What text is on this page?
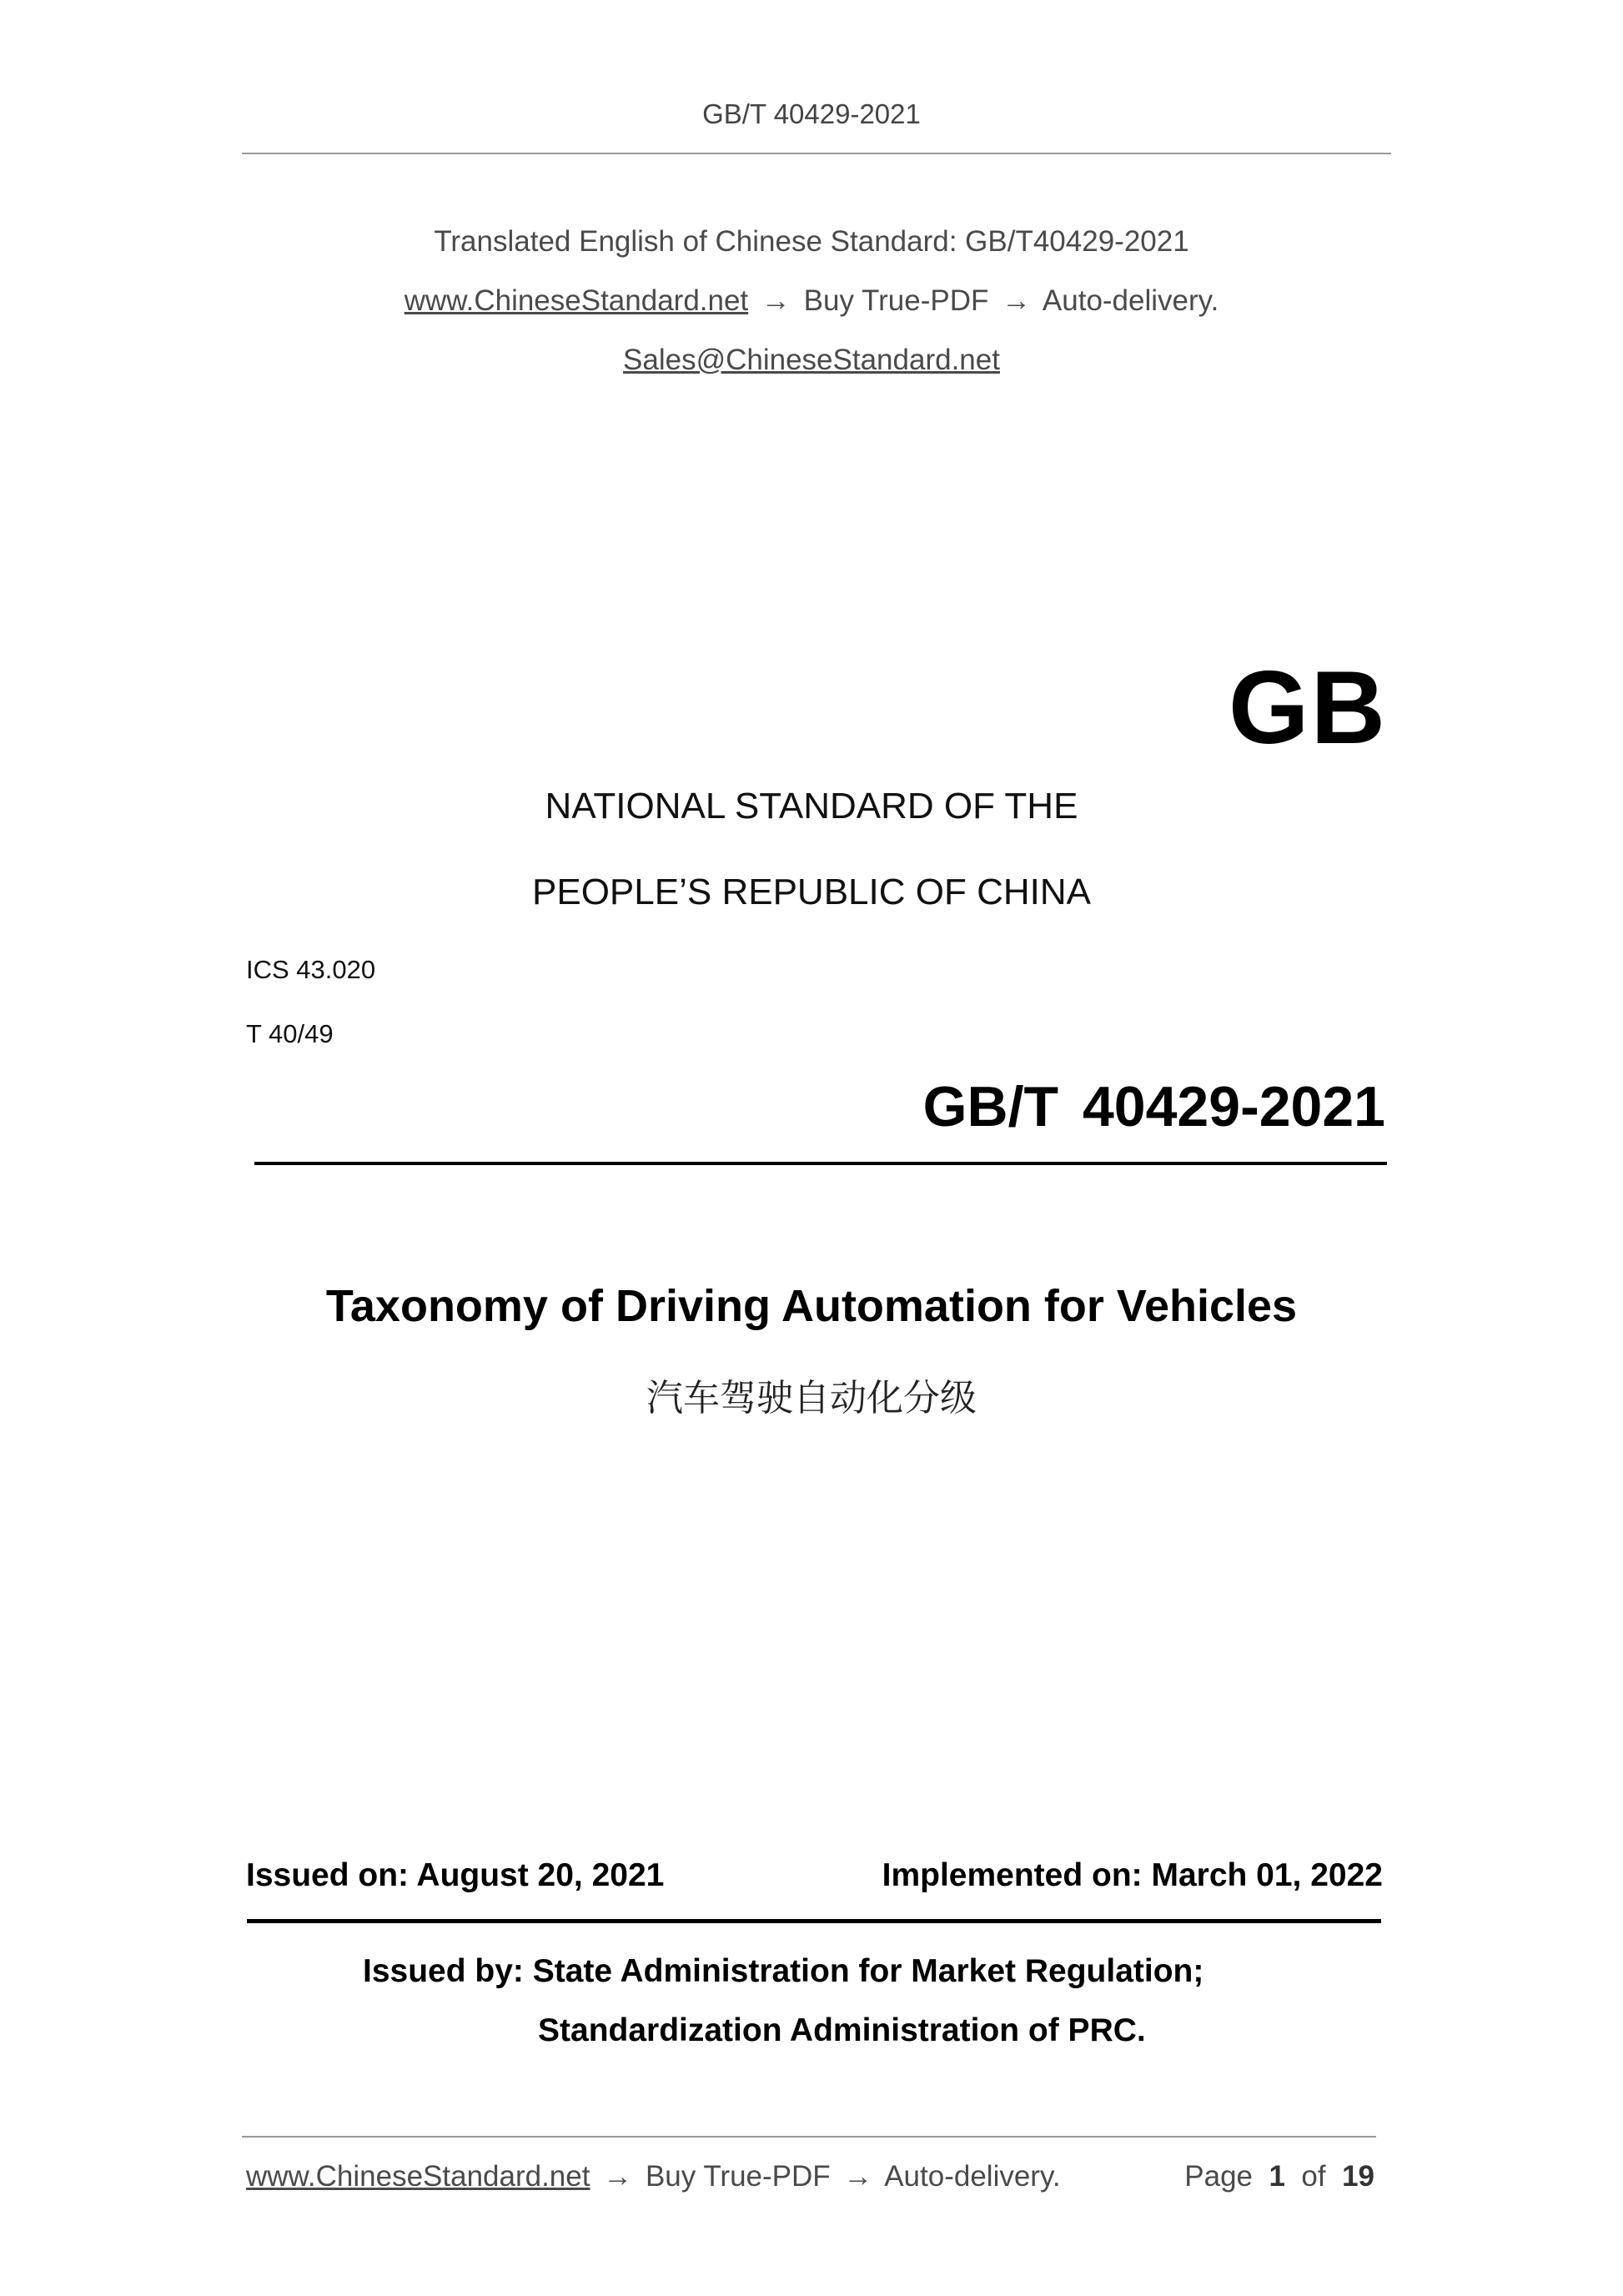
GB/T 40429-2021
Translated English of Chinese Standard: GB/T40429-2021
www.ChineseStandard.net → Buy True-PDF → Auto-delivery.
Sales@ChineseStandard.net
GB
NATIONAL STANDARD OF THE
PEOPLE’S REPUBLIC OF CHINA
ICS 43.020
T 40/49
GB/T 40429-2021
Taxonomy of Driving Automation for Vehicles
汽车驾驶自动化分级
Issued on: August 20, 2021	Implemented on: March 01, 2022
Issued by: State Administration for Market Regulation;
Standardization Administration of PRC.
www.ChineseStandard.net → Buy True-PDF → Auto-delivery.	Page 1 of 19
